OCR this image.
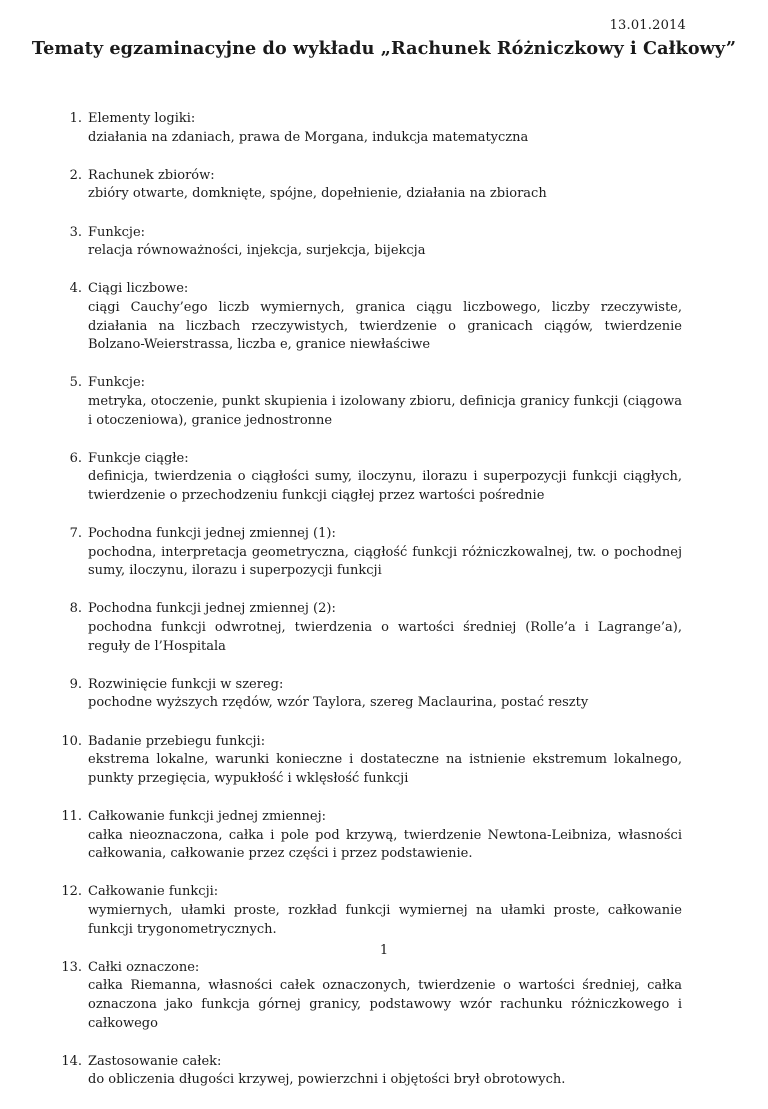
13.01.2014
Tematy egzaminacyjne do wykładu „Rachunek Różniczkowy i Całkowy”
1. Elementy logiki:
działania na zdaniach, prawa de Morgana, indukcja matematyczna
2. Rachunek zbiorów:
zbióry otwarte, domknięte, spójne, dopełnienie, działania na zbiorach
3. Funkcje:
relacja równoważności, injekcja, surjekcja, bijekcja
4. Ciągi liczbowe:
ciągi Cauchy’ego liczb wymiernych, granica ciągu liczbowego, liczby rzeczywiste, działania na liczbach rzeczywistych, twierdzenie o granicach ciągów, twierdzenie Bolzano-Weierstrassa, liczba e, granice niewłaściwe
5. Funkcje:
metryka, otoczenie, punkt skupienia i izolowany zbioru, definicja granicy funkcji (ciągowa i otoczeniowa), granice jednostronne
6. Funkcje ciągłe:
definicja, twierdzenia o ciągłości sumy, iloczynu, ilorazu i superpozycji funkcji ciągłych, twierdzenie o przechodzeniu funkcji ciągłej przez wartości pośrednie
7. Pochodna funkcji jednej zmiennej (1):
pochodna, interpretacja geometryczna, ciągłość funkcji różniczkowalnej, tw. o pochodnej sumy, iloczynu, ilorazu i superpozycji funkcji
8. Pochodna funkcji jednej zmiennej (2):
pochodna funkcji odwrotnej, twierdzenia o wartości średniej (Rolle’a i Lagrange’a), reguły de l’Hospitala
9. Rozwinięcie funkcji w szereg:
pochodne wyższych rzędów, wzór Taylora, szereg Maclaurina, postać reszty
10. Badanie przebiegu funkcji:
ekstrema lokalne, warunki konieczne i dostateczne na istnienie ekstremum lokalnego, punkty przegięcia, wypukłość i wklęsłość funkcji
11. Całkowanie funkcji jednej zmiennej:
całka nieoznaczona, całka i pole pod krzywą, twierdzenie Newtona-Leibniza, własności całkowania, całkowanie przez części i przez podstawienie.
12. Całkowanie funkcji:
wymiernych, ułamki proste, rozkład funkcji wymiernej na ułamki proste, całkowanie funkcji trygonometrycznych.
13. Całki oznaczone:
całka Riemanna, własności całek oznaczonych, twierdzenie o wartości średniej, całka oznaczona jako funkcja górnej granicy, podstawowy wzór rachunku różniczkowego i całkowego
14. Zastosowanie całek:
do obliczenia długości krzywej, powierzchni i objętości brył obrotowych.
1
